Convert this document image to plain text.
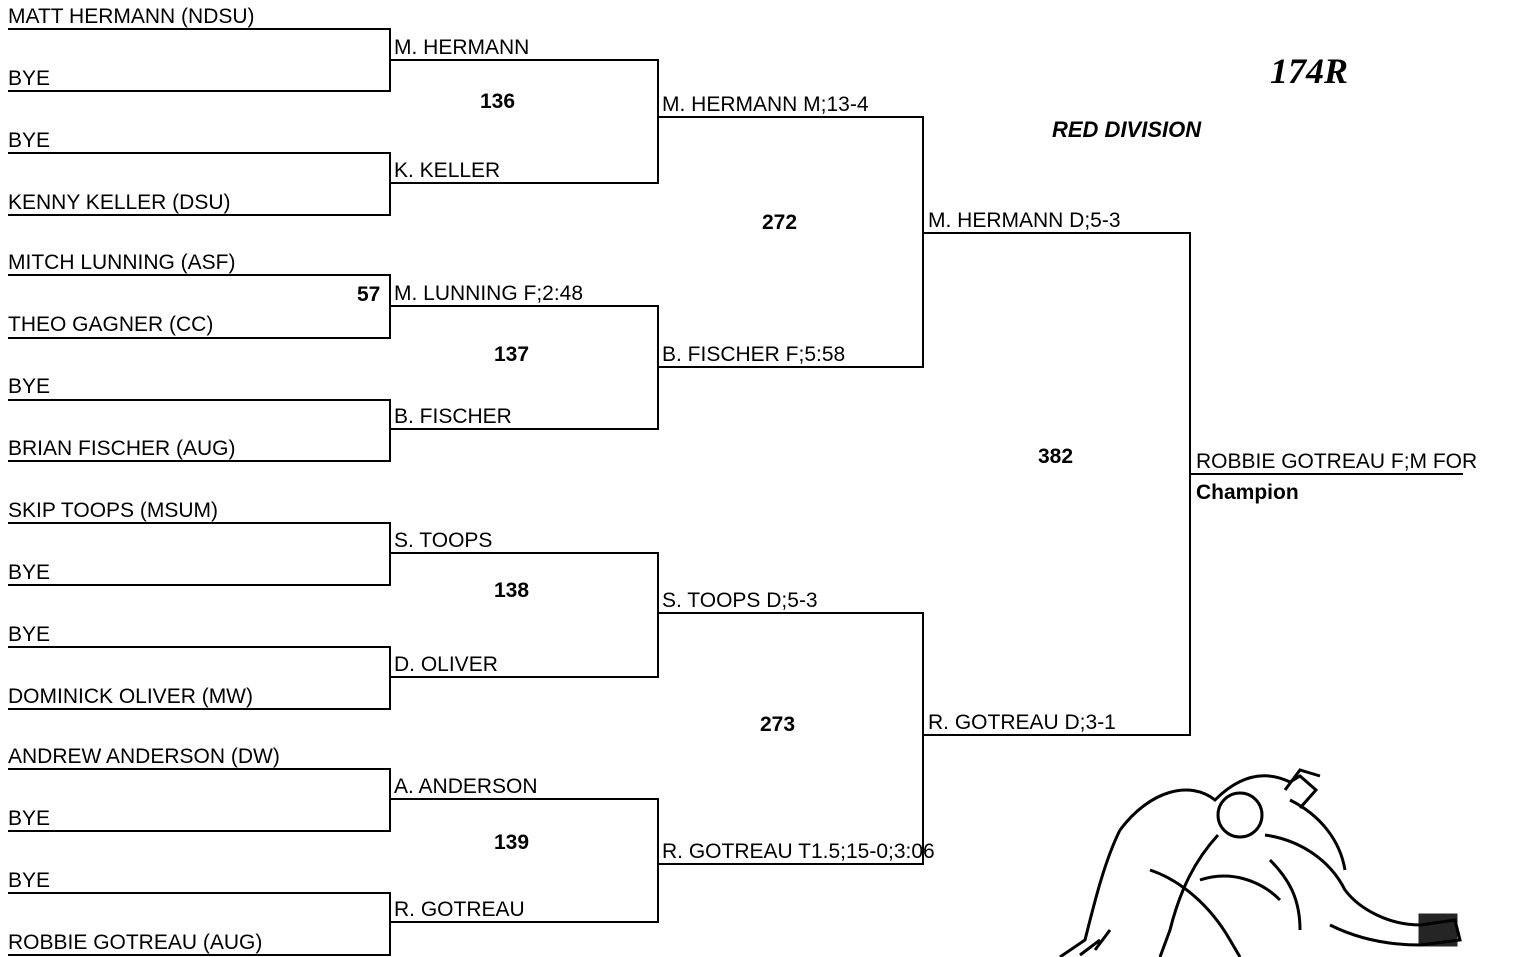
174R
RED DIVISION
MATT HERMANN (NDSU)
BYE
BYE
KENNY KELLER (DSU)
MITCH LUNNING (ASF)
THEO GAGNER (CC)
BYE
BRIAN FISCHER (AUG)
SKIP TOOPS (MSUM)
BYE
BYE
DOMINICK OLIVER (MW)
ANDREW ANDERSON (DW)
BYE
BYE
ROBBIE GOTREAU (AUG)
57
M. HERMANN
K. KELLER
M. LUNNING F;2:48
B. FISCHER
S. TOOPS
D. OLIVER
A. ANDERSON
R. GOTREAU
136
137
138
139
M. HERMANN M;13-4
B. FISCHER F;5:58
S. TOOPS D;5-3
R. GOTREAU T1.5;15-0;3:06
272
273
M. HERMANN D;5-3
R. GOTREAU D;3-1
382	ROBBIE GOTREAU F;M FOR
Champion
